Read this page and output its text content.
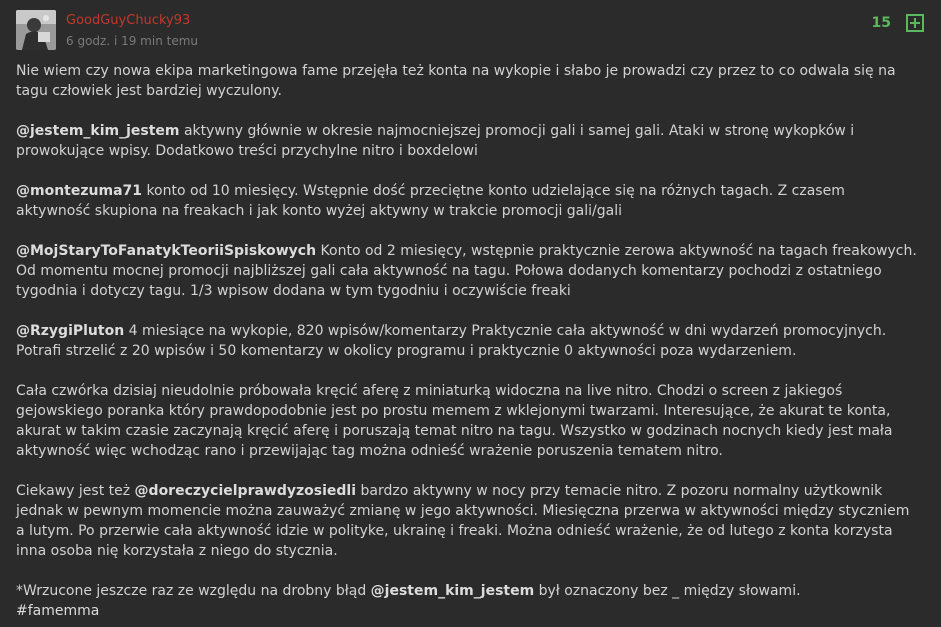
GoodGuyChucky93
6 godz. i 19 min temu
15

Nie wiem czy nowa ekipa marketingowa fame przejęła też konta na wykopie i słabo je prowadzi czy przez to co odwala się na tagu człowiek jest bardziej wyczulony.

@jestem_kim_jestem aktywny głównie w okresie najmocniejszej promocji gali i samej gali. Ataki w stronę wykopków i prowokujące wpisy. Dodatkowo treści przychylne nitro i boxdelowi

@montezuma71 konto od 10 miesięcy. Wstępnie dość przeciętne konto udzielające się na różnych tagach. Z czasem aktywność skupiona na freakach i jak konto wyżej aktywny w trakcie promocji gali/gali

@MojStaryToFanatykTeoriiSpiskowych Konto od 2 miesięcy, wstępnie praktycznie zerowa aktywność na tagach freakowych. Od momentu mocnej promocji najbliższej gali cała aktywność na tagu. Połowa dodanych komentarzy pochodzi z ostatniego tygodnia i dotyczy tagu. 1/3 wpisow dodana w tym tygodniu i oczywiście freaki

@RzygiPluton 4 miesiące na wykopie, 820 wpisów/komentarzy Praktycznie cała aktywność w dni wydarzeń promocyjnych. Potrafi strzelić z 20 wpisów i 50 komentarzy w okolicy programu i praktycznie 0 aktywności poza wydarzeniem.

Cała czwórka dzisiaj nieudolnie próbowała kręcić aferę z miniaturką widoczna na live nitro. Chodzi o screen z jakiegoś gejowskiego poranka który prawdopodobnie jest po prostu memem z wklejonymi twarzami. Interesujące, że akurat te konta, akurat w takim czasie zaczynają kręcić aferę i poruszają temat nitro na tagu. Wszystko w godzinach nocnych kiedy jest mała aktywność więc wchodząc rano i przewijając tag można odnieść wrażenie poruszenia tematem nitro.

Ciekawy jest też @doreczycielprawdyzosiedli bardzo aktywny w nocy przy temacie nitro. Z pozoru normalny użytkownik jednak w pewnym momencie można zauważyć zmianę w jego aktywności. Miesięczna przerwa w aktywności między styczniem a lutym. Po przerwie cała aktywność idzie w polityke, ukrainę i freaki. Można odnieść wrażenie, że od lutego z konta korzysta inna osoba nię korzystała z niego do stycznia.

*Wrzucone jeszcze raz ze względu na drobny błąd @jestem_kim_jestem był oznaczony bez _ między słowami.
#famemma
